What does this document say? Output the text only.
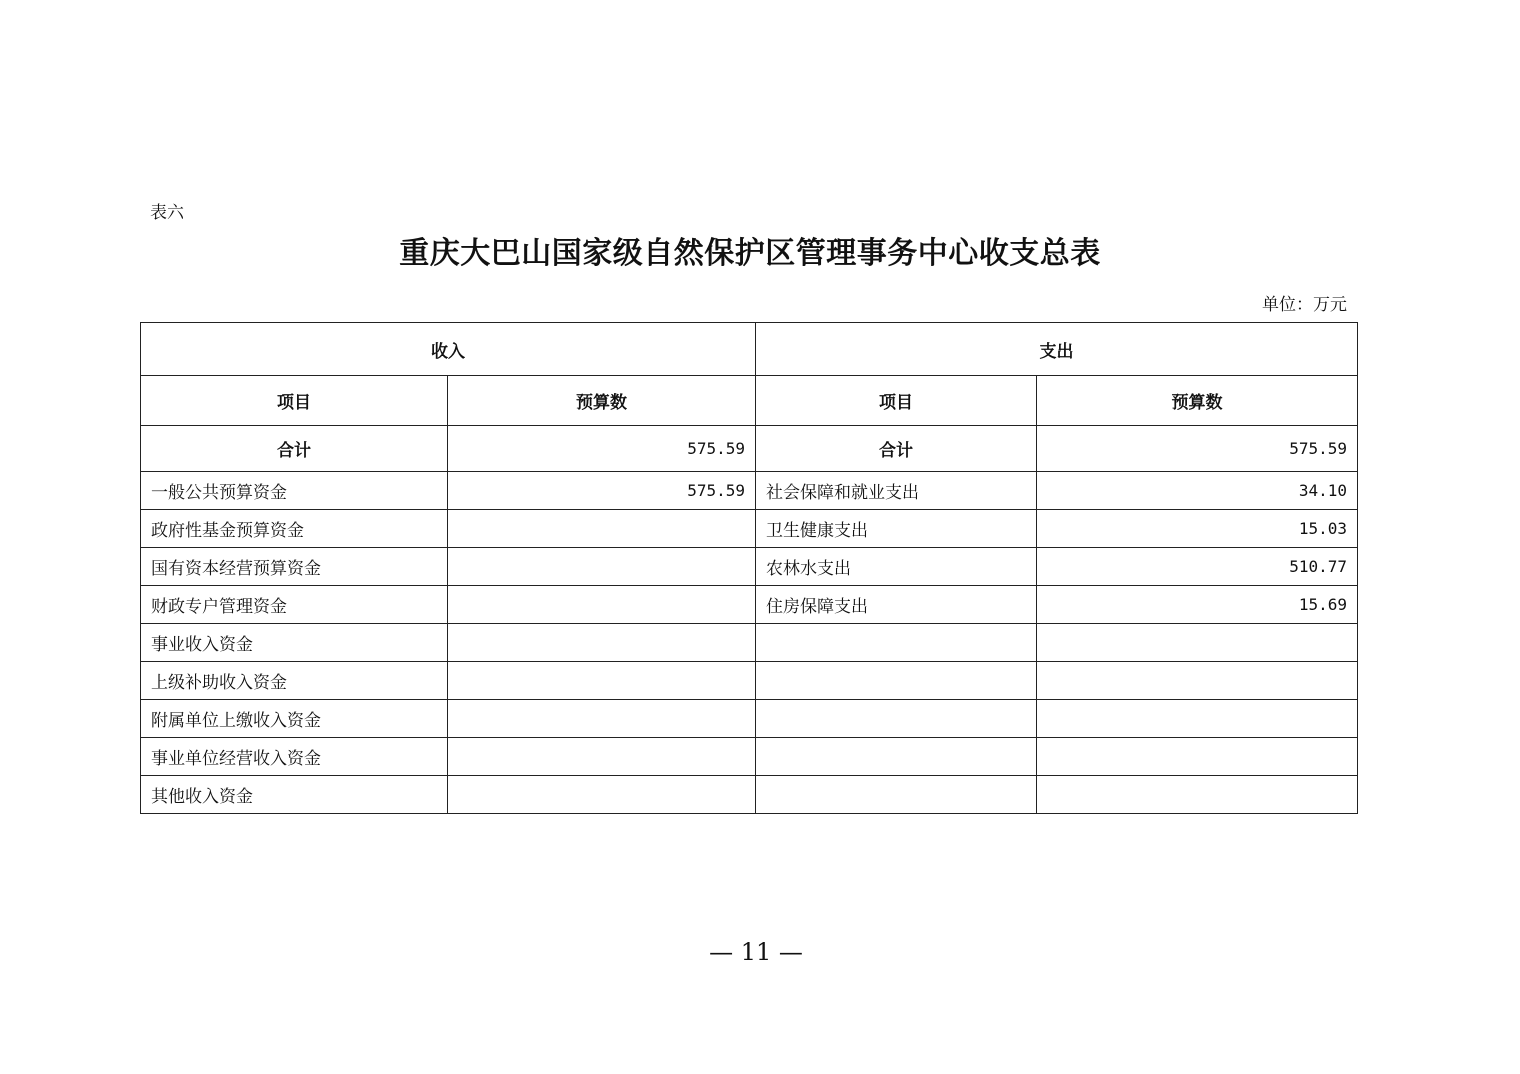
表六
重庆大巴山国家级自然保护区管理事务中心收支总表
单位：万元
收入		支出	
项目	预算数	项目	预算数
合计	575.59	合计	575.59
一般公共预算资金	575.59	社会保障和就业支出	34.10
政府性基金预算资金		卫生健康支出	15.03
国有资本经营预算资金		农林水支出	510.77
财政专户管理资金		住房保障支出	15.69
事业收入资金			
上级补助收入资金			
附属单位上缴收入资金			
事业单位经营收入资金			
其他收入资金			
— 11 —
